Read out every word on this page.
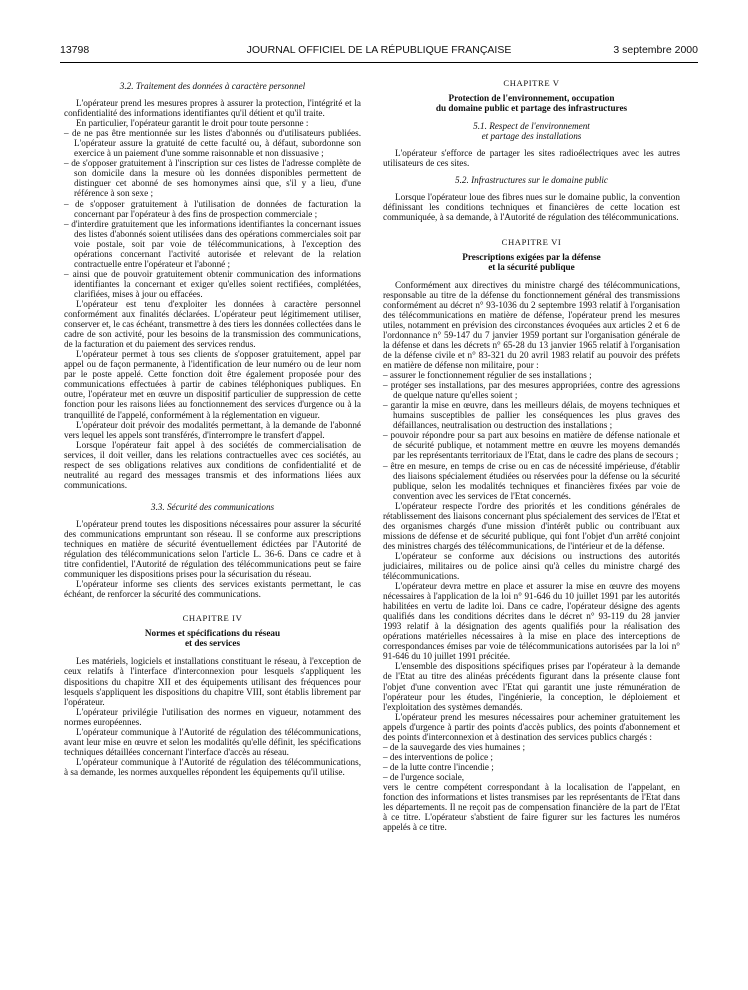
13798	JOURNAL OFFICIEL DE LA RÉPUBLIQUE FRANÇAISE	3 septembre 2000
3.2. Traitement des données à caractère personnel

L'opérateur prend les mesures propres à assurer la protection, l'intégrité et la confidentialité des informations identifiantes qu'il détient et qu'il traite.

En particulier, l'opérateur garantit le droit pour toute personne :

– de ne pas être mentionnée sur les listes d'abonnés ou d'utilisateurs publiées. L'opérateur assure la gratuité de cette faculté ou, à défaut, subordonne son exercice à un paiement d'une somme raisonnable et non dissuasive ;
– de s'opposer gratuitement à l'inscription sur ces listes de l'adresse complète de son domicile dans la mesure où les données disponibles permettent de distinguer cet abonné de ses homonymes ainsi que, s'il y a lieu, d'une référence à son sexe ;
– de s'opposer gratuitement à l'utilisation de données de facturation la concernant par l'opérateur à des fins de prospection commerciale ;
– d'interdire gratuitement que les informations identifiantes la concernant issues des listes d'abonnés soient utilisées dans des opérations commerciales soit par voie postale, soit par voie de télécommunications, à l'exception des opérations concernant l'activité autorisée et relevant de la relation contractuelle entre l'opérateur et l'abonné ;
– ainsi que de pouvoir gratuitement obtenir communication des informations identifiantes la concernant et exiger qu'elles soient rectifiées, complétées, clarifiées, mises à jour ou effacées.

L'opérateur est tenu d'exploiter les données à caractère personnel conformément aux finalités déclarées. L'opérateur peut légitimement utiliser, conserver et, le cas échéant, transmettre à des tiers les données collectées dans le cadre de son activité, pour les besoins de la transmission des communications, de la facturation et du paiement des services rendus.

L'opérateur permet à tous ses clients de s'opposer gratuitement, appel par appel ou de façon permanente, à l'identification de leur numéro ou de leur nom par le poste appelé. Cette fonction doit être également proposée pour des communications effectuées à partir de cabines téléphoniques publiques. En outre, l'opérateur met en œuvre un dispositif particulier de suppression de cette fonction pour les raisons liées au fonctionnement des services d'urgence ou à la tranquillité de l'appelé, conformément à la réglementation en vigueur.

L'opérateur doit prévoir des modalités permettant, à la demande de l'abonné vers lequel les appels sont transférés, d'interrompre le transfert d'appel.

Lorsque l'opérateur fait appel à des sociétés de commercialisation de services, il doit veiller, dans les relations contractuelles avec ces sociétés, au respect de ses obligations relatives aux conditions de confidentialité et de neutralité au regard des messages transmis et des informations liées aux communications.

3.3. Sécurité des communications

L'opérateur prend toutes les dispositions nécessaires pour assurer la sécurité des communications empruntant son réseau. Il se conforme aux prescriptions techniques en matière de sécurité éventuellement édictées par l'Autorité de régulation des télécommunications selon l'article L. 36-6. Dans ce cadre et à titre confidentiel, l'Autorité de régulation des télécommunications peut se faire communiquer les dispositions prises pour la sécurisation du réseau.

L'opérateur informe ses clients des services existants permettant, le cas échéant, de renforcer la sécurité des communications.

CHAPITRE IV
Normes et spécifications du réseau
et des services

Les matériels, logiciels et installations constituant le réseau, à l'exception de ceux relatifs à l'interface d'interconnexion pour lesquels s'appliquent les dispositions du chapitre XII et des équipements utilisant des fréquences pour lesquels s'appliquent les dispositions du chapitre VIII, sont établis librement par l'opérateur.

L'opérateur privilégie l'utilisation des normes en vigueur, notamment des normes européennes.

L'opérateur communique à l'Autorité de régulation des télécommunications, avant leur mise en œuvre et selon les modalités qu'elle définit, les spécifications techniques détaillées concernant l'interface d'accès au réseau.

L'opérateur communique à l'Autorité de régulation des télécommunications, à sa demande, les normes auxquelles répondent les équipements qu'il utilise.

CHAPITRE V
Protection de l'environnement, occupation
du domaine public et partage des infrastructures
5.1. Respect de l'environnement
et partage des installations

L'opérateur s'efforce de partager les sites radioélectriques avec les autres utilisateurs de ces sites.

5.2. Infrastructures sur le domaine public

Lorsque l'opérateur loue des fibres nues sur le domaine public, la convention définissant les conditions techniques et financières de cette location est communiquée, à sa demande, à l'Autorité de régulation des télécommunications.

CHAPITRE VI
Prescriptions exigées par la défense
et la sécurité publique

Conformément aux directives du ministre chargé des télécommunications, responsable au titre de la défense du fonctionnement général des transmissions conformément au décret n° 93-1036 du 2 septembre 1993 relatif à l'organisation des télécommunications en matière de défense, l'opérateur prend les mesures utiles, notamment en prévision des circonstances évoquées aux articles 2 et 6 de l'ordonnance n° 59-147 du 7 janvier 1959 portant sur l'organisation générale de la défense et dans les décrets n° 65-28 du 13 janvier 1965 relatif à l'organisation de la défense civile et n° 83-321 du 20 avril 1983 relatif au pouvoir des préfets en matière de défense non militaire, pour :

– assurer le fonctionnement régulier de ses installations ;
– protéger ses installations, par des mesures appropriées, contre des agressions de quelque nature qu'elles soient ;
– garantir la mise en œuvre, dans les meilleurs délais, de moyens techniques et humains susceptibles de pallier les conséquences les plus graves des défaillances, neutralisation ou destruction des installations ;
– pouvoir répondre pour sa part aux besoins en matière de défense nationale et de sécurité publique, et notamment mettre en œuvre les moyens demandés par les représentants territoriaux de l'Etat, dans le cadre des plans de secours ;
– être en mesure, en temps de crise ou en cas de nécessité impérieuse, d'établir des liaisons spécialement étudiées ou réservées pour la défense ou la sécurité publique, selon les modalités techniques et financières fixées par voie de convention avec les services de l'Etat concernés.

L'opérateur respecte l'ordre des priorités et les conditions générales de rétablissement des liaisons concernant plus spécialement des services de l'Etat et des organismes chargés d'une mission d'intérêt public ou contribuant aux missions de défense et de sécurité publique, qui font l'objet d'un arrêté conjoint des ministres chargés des télécommunications, de l'intérieur et de la défense.

L'opérateur se conforme aux décisions ou instructions des autorités judiciaires, militaires ou de police ainsi qu'à celles du ministre chargé des télécommunications.

L'opérateur devra mettre en place et assurer la mise en œuvre des moyens nécessaires à l'application de la loi n° 91-646 du 10 juillet 1991 par les autorités habilitées en vertu de ladite loi. Dans ce cadre, l'opérateur désigne des agents qualifiés dans les conditions décrites dans le décret n° 93-119 du 28 janvier 1993 relatif à la désignation des agents qualifiés pour la réalisation des opérations matérielles nécessaires à la mise en place des interceptions de correspondances émises par voie de télécommunications autorisées par la loi n° 91-646 du 10 juillet 1991 précitée.

L'ensemble des dispositions spécifiques prises par l'opérateur à la demande de l'Etat au titre des alinéas précédents figurant dans la présente clause font l'objet d'une convention avec l'Etat qui garantit une juste rémunération de l'opérateur pour les études, l'ingénierie, la conception, le déploiement et l'exploitation des systèmes demandés.

L'opérateur prend les mesures nécessaires pour acheminer gratuitement les appels d'urgence à partir des points d'accès publics, des points d'abonnement et des points d'interconnexion et à destination des services publics chargés :

– de la sauvegarde des vies humaines ;
– des interventions de police ;
– de la lutte contre l'incendie ;
– de l'urgence sociale,

vers le centre compétent correspondant à la localisation de l'appelant, en fonction des informations et listes transmises par les représentants de l'Etat dans les départements. Il ne reçoit pas de compensation financière de la part de l'Etat à ce titre. L'opérateur s'abstient de faire figurer sur les factures les numéros appelés à ce titre.
